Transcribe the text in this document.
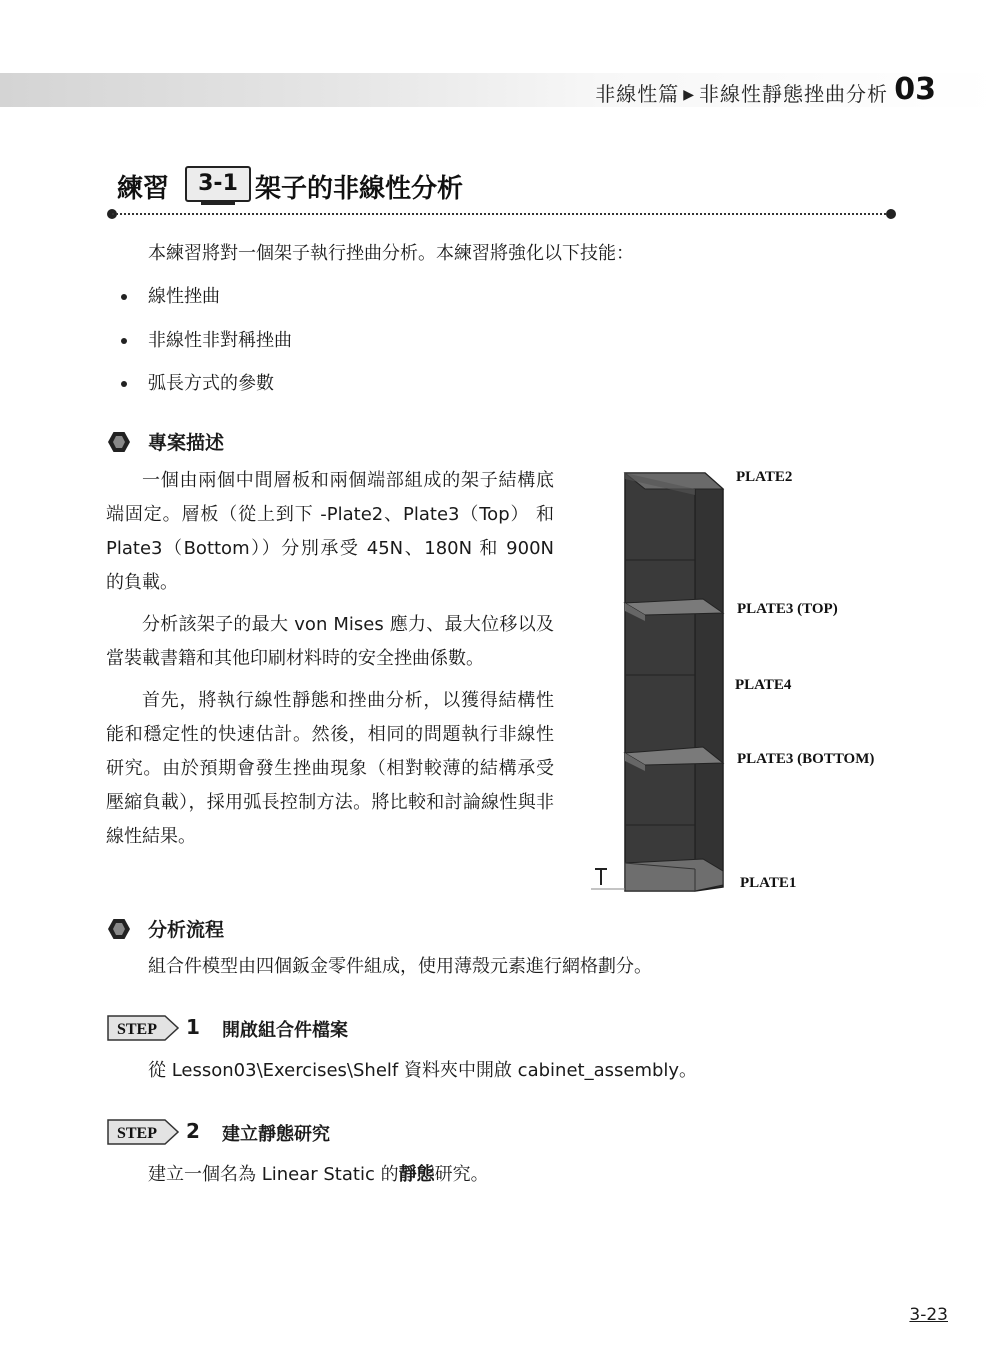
非線性篇 ▶ 非線性靜態挫曲分析 03
練習	3-1 架子的非線性分析
本練習將對一個架子執行挫曲分析。本練習將強化以下技能：
線性挫曲
非線性非對稱挫曲
弧長方式的參數
專案描述

一個由兩個中間層板和兩個端部組成的架子結構底端固定。層板（從上到下 -Plate2、Plate3（Top） 和 Plate3（Bottom））分別承受 45N、180N 和 900N 的負載。

分析該架子的最大 von Mises 應力、最大位移以及當裝載書籍和其他印刷材料時的安全挫曲係數。

首先，將執行線性靜態和挫曲分析，以獲得結構性能和穩定性的快速估計。然後，相同的問題執行非線性研究。由於預期會發生挫曲現象（相對較薄的結構承受壓縮負載），採用弧長控制方法。將比較和討論線性與非線性結果。

PLATE2
PLATE3 (TOP)
PLATE4
PLATE3 (BOTTOM)
PLATE1
分析流程
組合件模型由四個鈑金零件組成，使用薄殼元素進行網格劃分。
STEP 1 開啟組合件檔案
從 Lesson03\Exercises\Shelf 資料夾中開啟 cabinet_assembly。
STEP 2 建立靜態研究
建立一個名為 Linear Static 的靜態研究。
3-23
